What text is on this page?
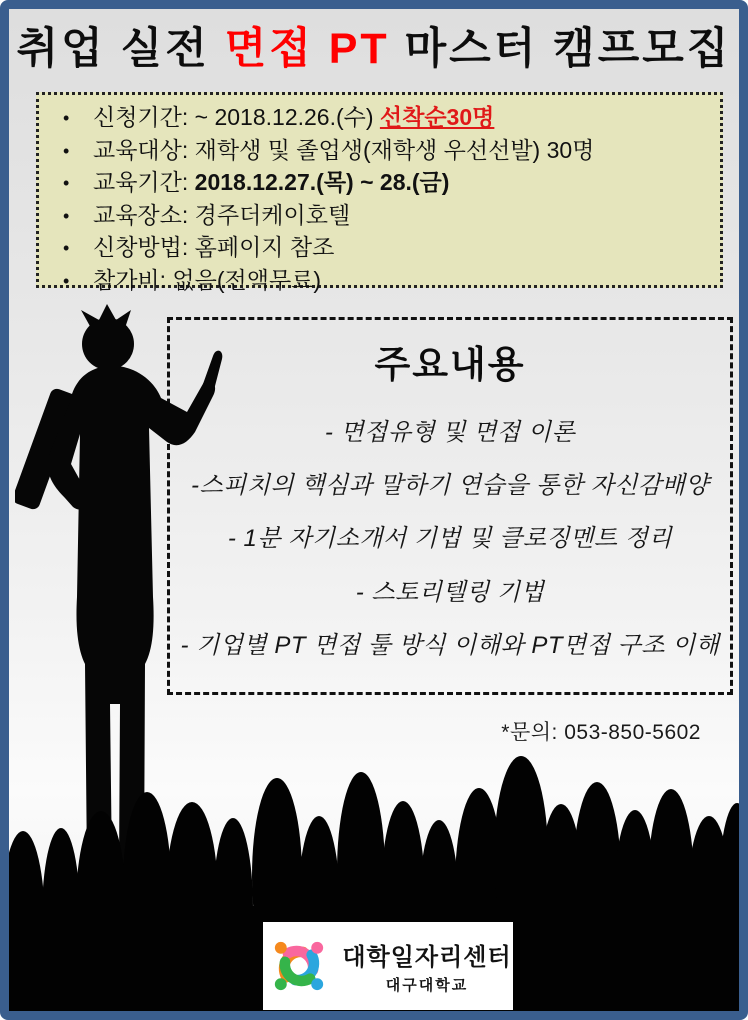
취업 실전 면접 PT 마스터 캠프모집
• 신청기간: ~ 2018.12.26.(수) 선착순30명
• 교육대상: 재학생 및 졸업생(재학생 우선선발) 30명
• 교육기간: 2018.12.27.(목) ~ 28.(금)
• 교육장소: 경주더케이호텔
• 신창방법: 홈페이지 참조
• 참가비: 없음(전액무료)
주요내용
- 면접유형 및 면접 이론
-스피치의 핵심과 말하기 연습을 통한 자신감배양
- 1분 자기소개서 기법 및 클로징멘트 정리
- 스토리텔링 기법
- 기업별 PT 면접 툴 방식 이해와 PT면접 구조 이해
*문의: 053-850-5602
대학일자리센터
대구대학교
